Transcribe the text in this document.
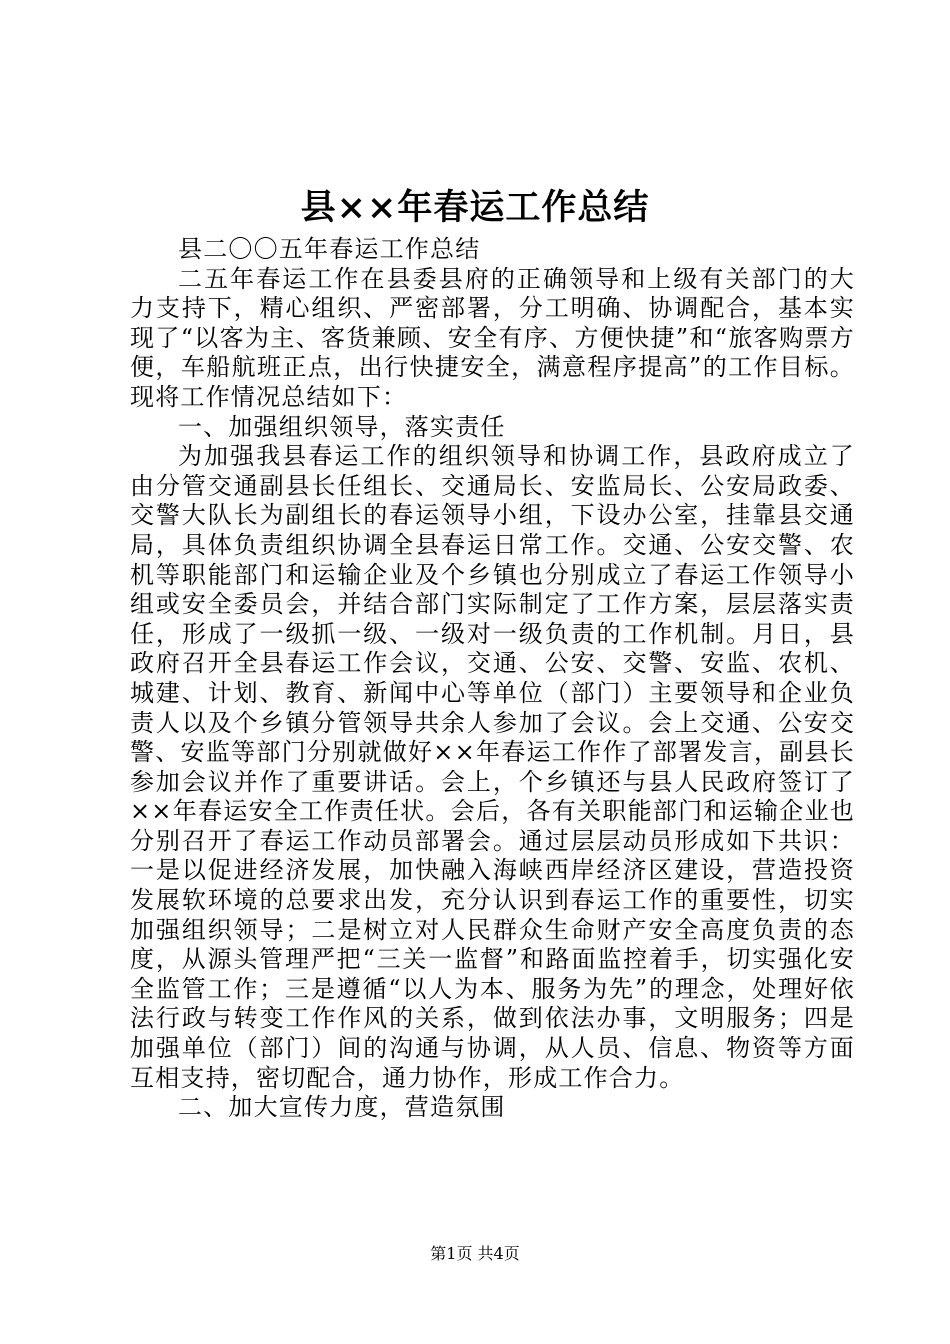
县××年春运工作总结

县二〇〇五年春运工作总结

二五年春运工作在县委县府的正确领导和上级有关部门的大力支持下，精心组织、严密部署，分工明确、协调配合，基本实现了“以客为主、客货兼顾、安全有序、方便快捷”和“旅客购票方便，车船航班正点，出行快捷安全，满意程序提高”的工作目标。现将工作情况总结如下：

一、加强组织领导，落实责任

为加强我县春运工作的组织领导和协调工作，县政府成立了由分管交通副县长任组长、交通局长、安监局长、公安局政委、交警大队长为副组长的春运领导小组，下设办公室，挂靠县交通局，具体负责组织协调全县春运日常工作。交通、公安交警、农机等职能部门和运输企业及个乡镇也分别成立了春运工作领导小组或安全委员会，并结合部门实际制定了工作方案，层层落实责任，形成了一级抓一级、一级对一级负责的工作机制。月日，县政府召开全县春运工作会议，交通、公安、交警、安监、农机、城建、计划、教育、新闻中心等单位（部门）主要领导和企业负责人以及个乡镇分管领导共余人参加了会议。会上交通、公安交警、安监等部门分别就做好××年春运工作作了部署发言，副县长参加会议并作了重要讲话。会上，个乡镇还与县人民政府签订了××年春运安全工作责任状。会后，各有关职能部门和运输企业也分别召开了春运工作动员部署会。通过层层动员形成如下共识：一是以促进经济发展，加快融入海峡西岸经济区建设，营造投资发展软环境的总要求出发，充分认识到春运工作的重要性，切实加强组织领导；二是树立对人民群众生命财产安全高度负责的态度，从源头管理严把“三关一监督”和路面监控着手，切实强化安全监管工作；三是遵循“以人为本、服务为先”的理念，处理好依法行政与转变工作作风的关系，做到依法办事，文明服务；四是加强单位（部门）间的沟通与协调，从人员、信息、物资等方面互相支持，密切配合，通力协作，形成工作合力。

二、加大宣传力度，营造氛围

第1页 共4页
